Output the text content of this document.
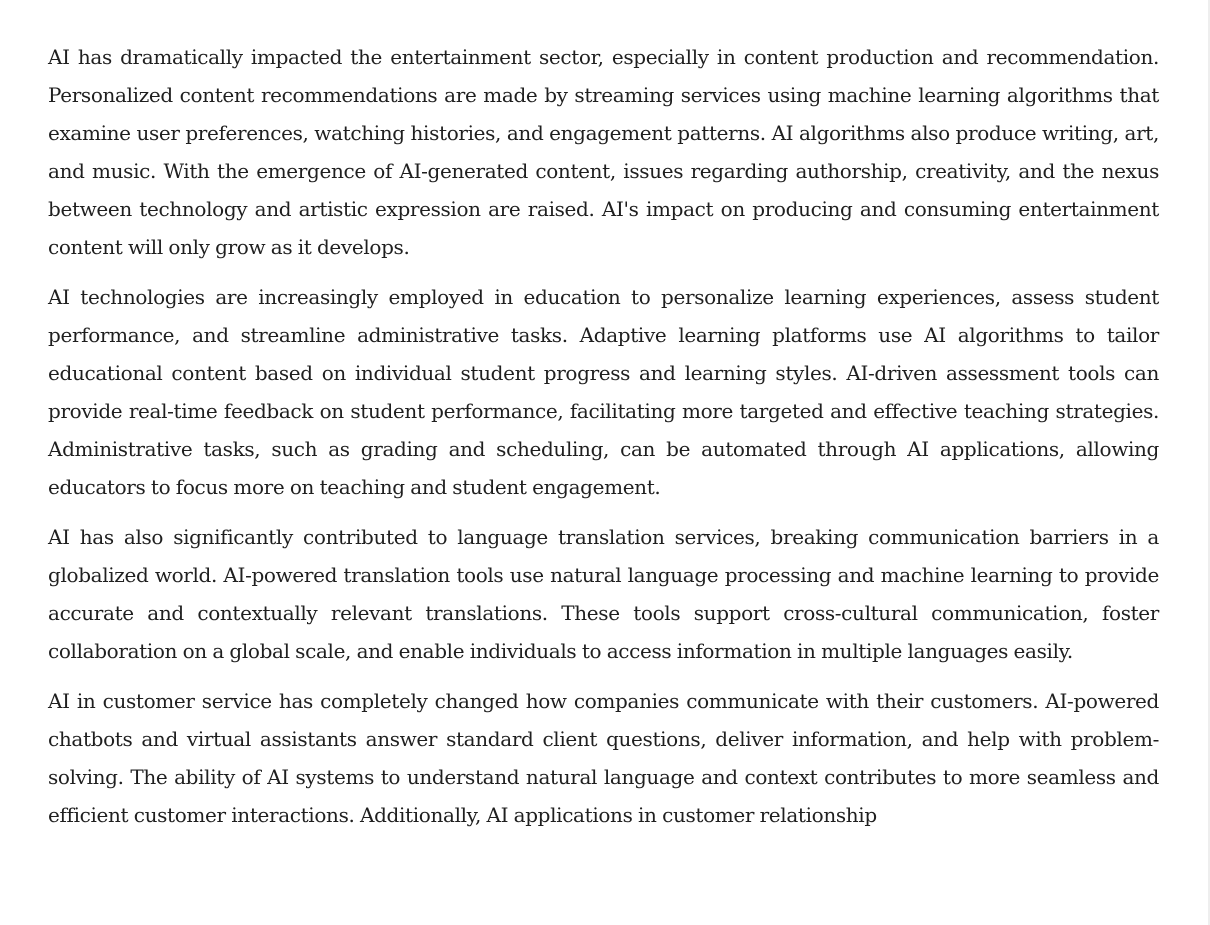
AI has dramatically impacted the entertainment sector, especially in content production and recommendation. Personalized content recommendations are made by streaming services using machine learning algorithms that examine user preferences, watching histories, and engagement patterns. AI algorithms also produce writing, art, and music. With the emergence of AI-generated content, issues regarding authorship, creativity, and the nexus between technology and artistic expression are raised. AI's impact on producing and consuming entertainment content will only grow as it develops.

AI technologies are increasingly employed in education to personalize learning experiences, assess student performance, and streamline administrative tasks. Adaptive learning platforms use AI algorithms to tailor educational content based on individual student progress and learning styles. AI-driven assessment tools can provide real-time feedback on student performance, facilitating more targeted and effective teaching strategies. Administrative tasks, such as grading and scheduling, can be automated through AI applications, allowing educators to focus more on teaching and student engagement.

AI has also significantly contributed to language translation services, breaking communication barriers in a globalized world. AI-powered translation tools use natural language processing and machine learning to provide accurate and contextually relevant translations. These tools support cross-cultural communication, foster collaboration on a global scale, and enable individuals to access information in multiple languages easily.

AI in customer service has completely changed how companies communicate with their customers. AI-powered chatbots and virtual assistants answer standard client questions, deliver information, and help with problem-solving. The ability of AI systems to understand natural language and context contributes to more seamless and efficient customer interactions. Additionally, AI applications in customer relationship
